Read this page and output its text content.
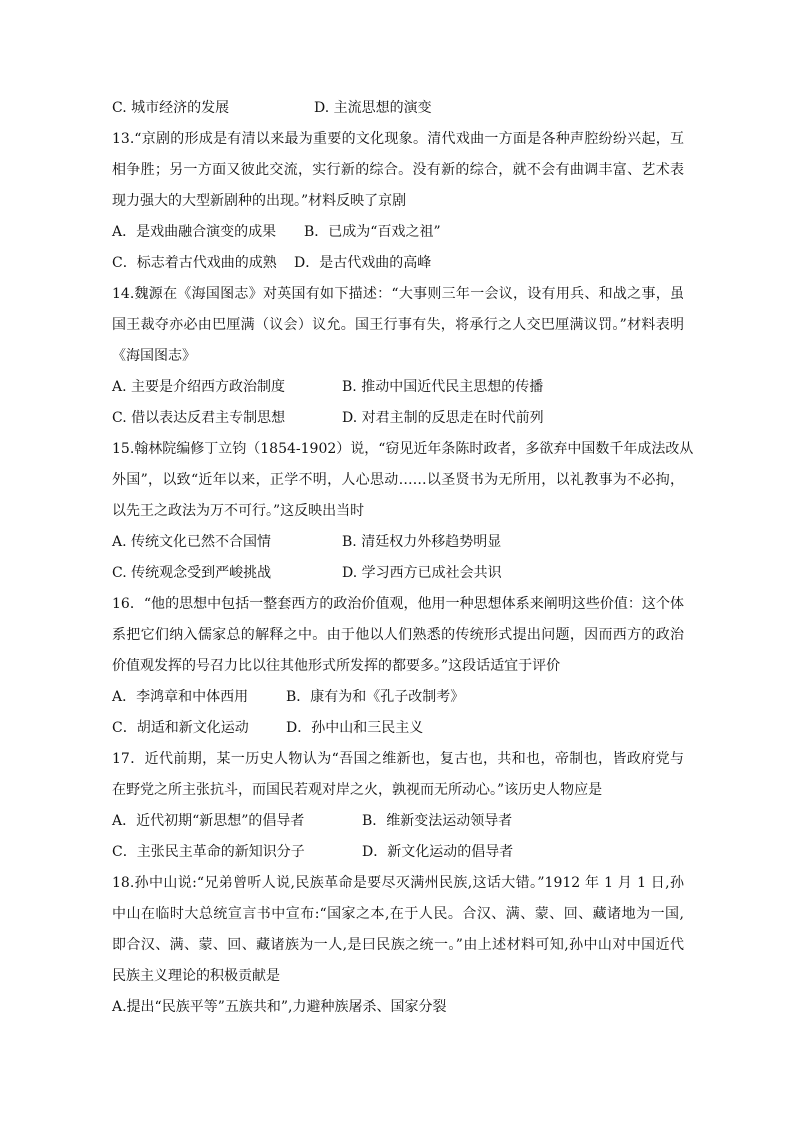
C. 城市经济的发展	D. 主流思想的演变
13.“京剧的形成是有清以来最为重要的文化现象。清代戏曲一方面是各种声腔纷纷兴起，互
相争胜；另一方面又彼此交流，实行新的综合。没有新的综合，就不会有曲调丰富、艺术表
现力强大的大型新剧种的出现。”材料反映了京剧
A．是戏曲融合演变的成果 B．已成为“百戏之祖”
C．标志着古代戏曲的成熟 D．是古代戏曲的高峰
14.魏源在《海国图志》对英国有如下描述：“大事则三年一会议，设有用兵、和战之事，虽
国王裁夺亦必由巴厘满（议会）议允。国王行事有失，将承行之人交巴厘满议罚。”材料表明
《海国图志》
A. 主要是介绍西方政治制度	B. 推动中国近代民主思想的传播
C. 借以表达反君主专制思想	D. 对君主制的反思走在时代前列
15.翰林院编修丁立钧（1854-1902）说，“窃见近年条陈时政者，多欲弃中国数千年成法改从
外国”，以致“近年以来，正学不明，人心思动……以圣贤书为无所用，以礼教事为不必拘，
以先王之政法为万不可行。”这反映出当时
A. 传统文化已然不合国情	B. 清廷权力外移趋势明显
C. 传统观念受到严峻挑战	D. 学习西方已成社会共识
16．“他的思想中包括一整套西方的政治价值观，他用一种思想体系来阐明这些价值：这个体
系把它们纳入儒家总的解释之中。由于他以人们熟悉的传统形式提出问题，因而西方的政治
价值观发挥的号召力比以往其他形式所发挥的都要多。”这段话适宜于评价
A．李鸿章和中体西用	B．康有为和《孔子改制考》
C．胡适和新文化运动	D．孙中山和三民主义
17．近代前期，某一历史人物认为“吾国之维新也，复古也，共和也，帝制也，皆政府党与
在野党之所主张抗斗，而国民若观对岸之火，孰视而无所动心。”该历史人物应是
A．近代初期“新思想”的倡导者	B．维新变法运动领导者
C．主张民主革命的新知识分子	D．新文化运动的倡导者
18.孙中山说:“兄弟曾听人说,民族革命是要尽灭满州民族,这话大错。”1912 年 1 月 1 日,孙
中山在临时大总统宣言书中宣布:“国家之本,在于人民。合汉、满、蒙、回、藏诸地为一国,
即合汉、满、蒙、回、藏诸族为一人,是曰民族之统一。”由上述材料可知,孙中山对中国近代
民族主义理论的积极贡献是
A.提出“民族平等”五族共和”,力避种族屠杀、国家分裂
